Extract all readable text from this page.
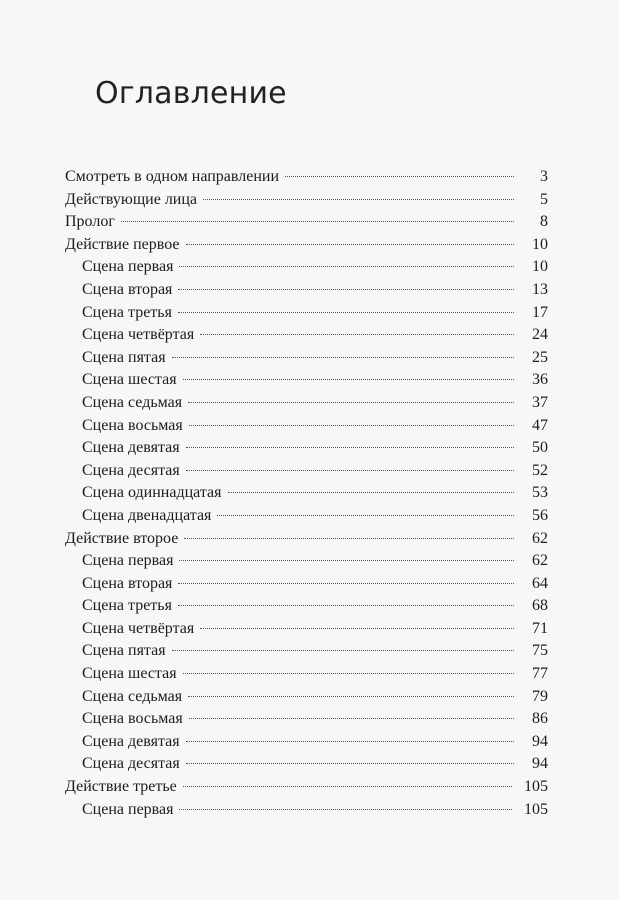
Оглавление
Смотреть в одном направлении	3
Действующие лица	5
Пролог	8
Действие первое	10
Сцена первая	10
Сцена вторая	13
Сцена третья	17
Сцена четвёртая	24
Сцена пятая	25
Сцена шестая	36
Сцена седьмая	37
Сцена восьмая	47
Сцена девятая	50
Сцена десятая	52
Сцена одиннадцатая	53
Сцена двенадцатая	56
Действие второе	62
Сцена первая	62
Сцена вторая	64
Сцена третья	68
Сцена четвёртая	71
Сцена пятая	75
Сцена шестая	77
Сцена седьмая	79
Сцена восьмая	86
Сцена девятая	94
Сцена десятая	94
Действие третье	105
Сцена первая	105
